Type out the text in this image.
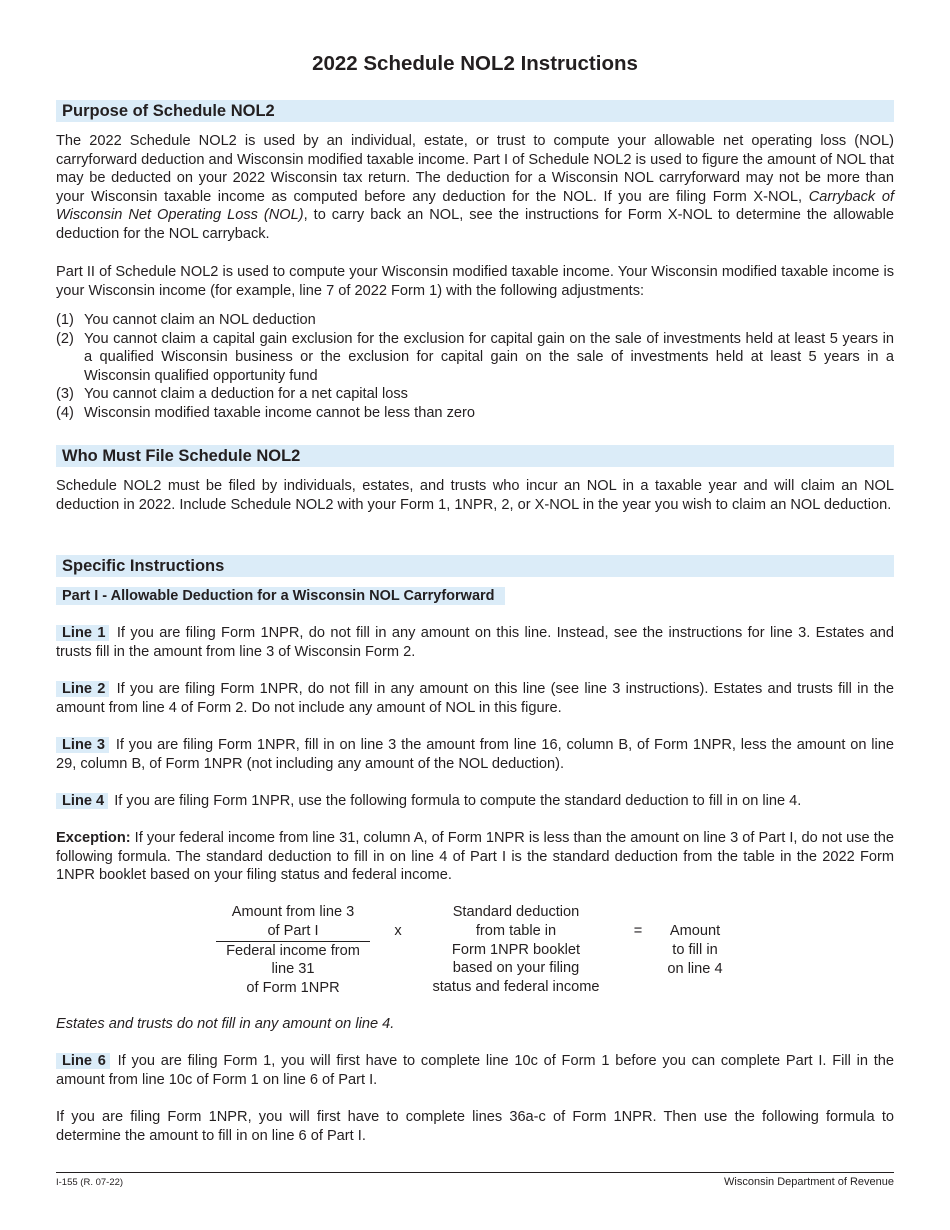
2022 Schedule NOL2 Instructions
Purpose of Schedule NOL2

The 2022 Schedule NOL2 is used by an individual, estate, or trust to compute your allowable net operating loss (NOL) carryforward deduction and Wisconsin modified taxable income. Part I of Schedule NOL2 is used to figure the amount of NOL that may be deducted on your 2022 Wisconsin tax return. The deduction for a Wisconsin NOL carryforward may not be more than your Wisconsin taxable income as computed before any deduction for the NOL. If you are filing Form X-NOL, Carryback of Wisconsin Net Operating Loss (NOL), to carry back an NOL, see the instructions for Form X-NOL to determine the allowable deduction for the NOL carryback.

Part II of Schedule NOL2 is used to compute your Wisconsin modified taxable income. Your Wisconsin modified taxable income is your Wisconsin income (for example, line 7 of 2022 Form 1) with the following adjustments:

(1) You cannot claim an NOL deduction
(2) You cannot claim a capital gain exclusion for the exclusion for capital gain on the sale of investments held at least 5 years in a qualified Wisconsin business or the exclusion for capital gain on the sale of investments held at least 5 years in a Wisconsin qualified opportunity fund
(3) You cannot claim a deduction for a net capital loss
(4) Wisconsin modified taxable income cannot be less than zero
Who Must File Schedule NOL2

Schedule NOL2 must be filed by individuals, estates, and trusts who incur an NOL in a taxable year and will claim an NOL deduction in 2022. Include Schedule NOL2 with your Form 1, 1NPR, 2, or X-NOL in the year you wish to claim an NOL deduction.

Specific Instructions
Part I - Allowable Deduction for a Wisconsin NOL Carryforward

Line 1 If you are filing Form 1NPR, do not fill in any amount on this line. Instead, see the instructions for line 3. Estates and trusts fill in the amount from line 3 of Wisconsin Form 2.

Line 2 If you are filing Form 1NPR, do not fill in any amount on this line (see line 3 instructions). Estates and trusts fill in the amount from line 4 of Form 2. Do not include any amount of NOL in this figure.

Line 3 If you are filing Form 1NPR, fill in on line 3 the amount from line 16, column B, of Form 1NPR, less the amount on line 29, column B, of Form 1NPR (not including any amount of the NOL deduction).

Line 4 If you are filing Form 1NPR, use the following formula to compute the standard deduction to fill in on line 4.

Exception: If your federal income from line 31, column A, of Form 1NPR is less than the amount on line 3 of Part I, do not use the following formula. The standard deduction to fill in on line 4 of Part I is the standard deduction from the table in the 2022 Form 1NPR booklet based on your filing status and federal income.

Amount from line 3
of Part I
Federal income from
line 31
of Form 1NPR
x
Standard deduction
from table in
Form 1NPR booklet
based on your filing
status and federal income
=	Amount
to fill in
on line 4

Estates and trusts do not fill in any amount on line 4.

Line 6 If you are filing Form 1, you will first have to complete line 10c of Form 1 before you can complete Part I. Fill in the amount from line 10c of Form 1 on line 6 of Part I.

If you are filing Form 1NPR, you will first have to complete lines 36a-c of Form 1NPR. Then use the following formula to determine the amount to fill in on line 6 of Part I.

I-155 (R. 07-22)	Wisconsin Department of Revenue
